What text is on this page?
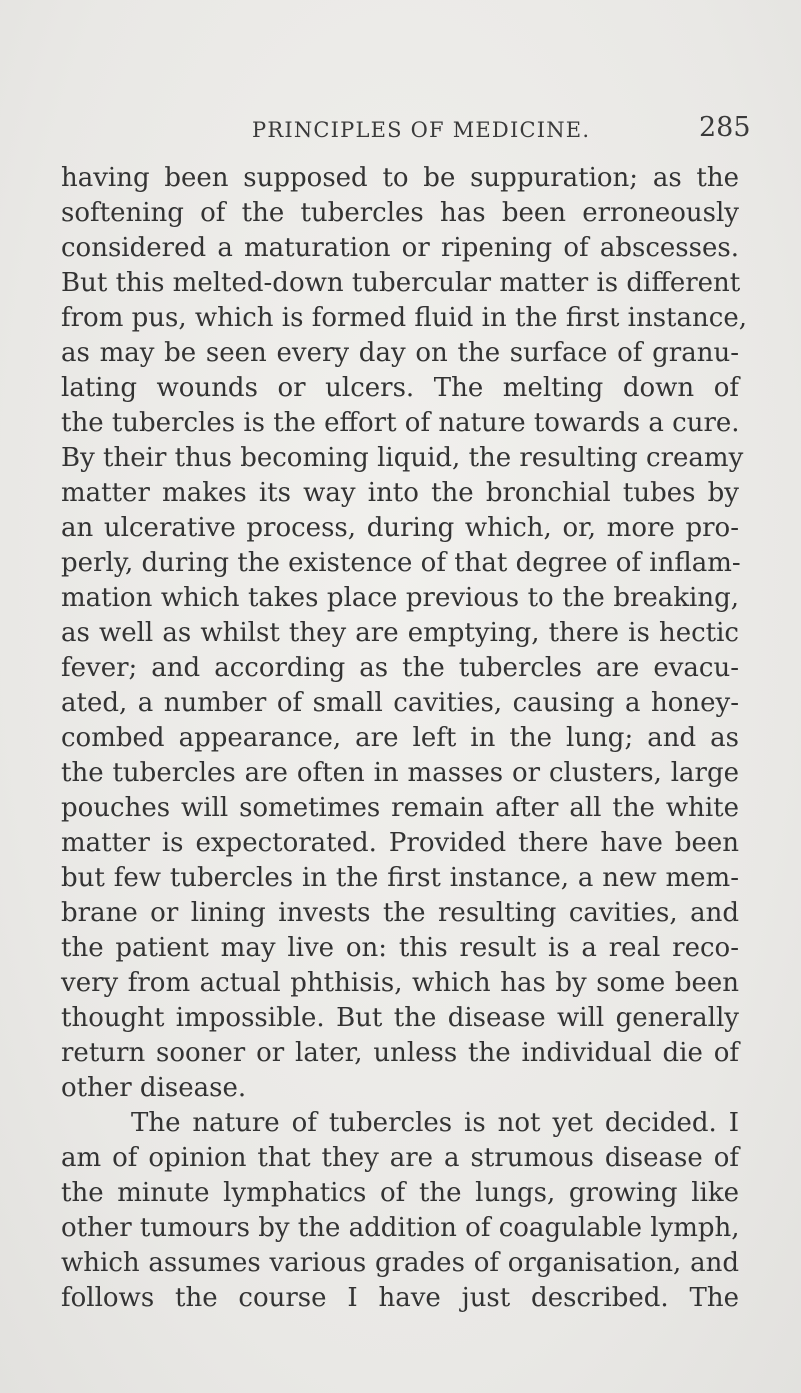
PRINCIPLES OF MEDICINE.	285
having been supposed to be suppuration; as the
softening of the tubercles has been erroneously
considered a maturation or ripening of abscesses.
But this melted-down tubercular matter is different
from pus, which is formed fluid in the first instance,
as may be seen every day on the surface of granu-
lating wounds or ulcers. The melting down of
the tubercles is the effort of nature towards a cure.
By their thus becoming liquid, the resulting creamy
matter makes its way into the bronchial tubes by
an ulcerative process, during which, or, more pro-
perly, during the existence of that degree of inflam-
mation which takes place previous to the breaking,
as well as whilst they are emptying, there is hectic
fever; and according as the tubercles are evacu-
ated, a number of small cavities, causing a honey-
combed appearance, are left in the lung; and as
the tubercles are often in masses or clusters, large
pouches will sometimes remain after all the white
matter is expectorated. Provided there have been
but few tubercles in the first instance, a new mem-
brane or lining invests the resulting cavities, and
the patient may live on: this result is a real reco-
very from actual phthisis, which has by some been
thought impossible. But the disease will generally
return sooner or later, unless the individual die of
other disease.
The nature of tubercles is not yet decided. I
am of opinion that they are a strumous disease of
the minute lymphatics of the lungs, growing like
other tumours by the addition of coagulable lymph,
which assumes various grades of organisation, and
follows the course I have just described. The
